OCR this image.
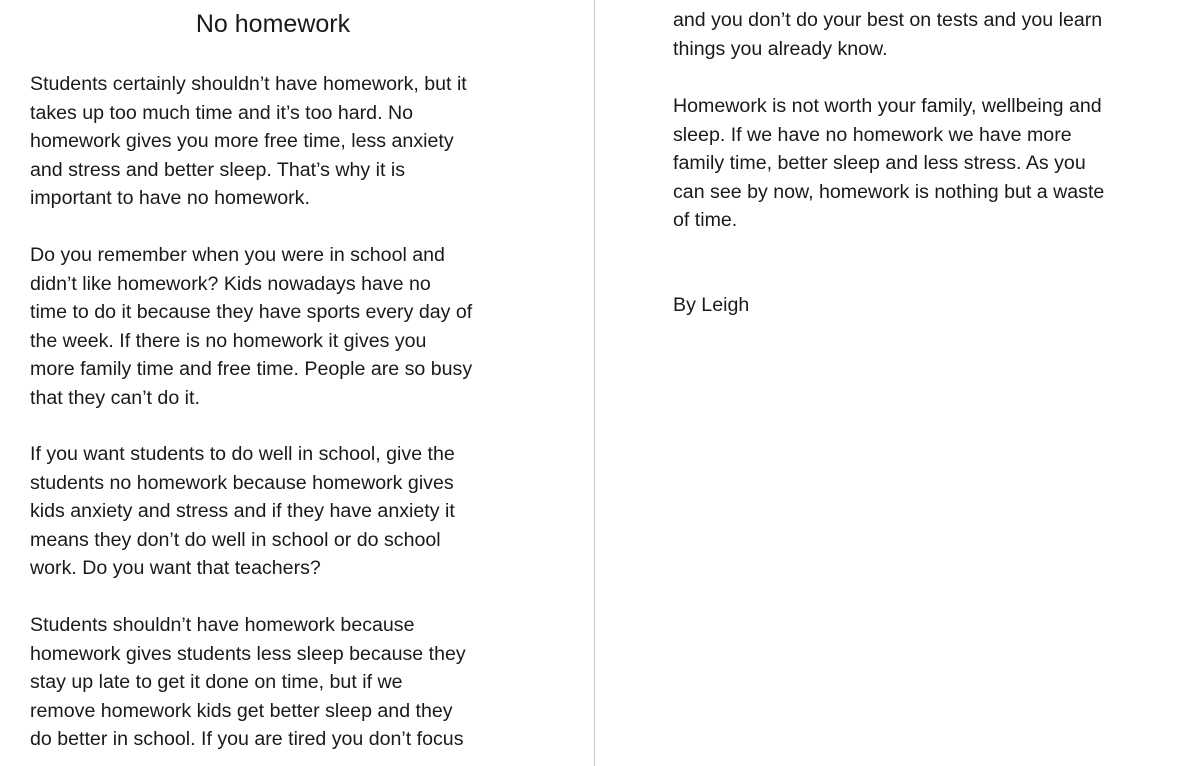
No homework

Students certainly shouldn’t have homework, but it
takes up too much time and it’s too hard. No
homework gives you more free time, less anxiety
and stress and better sleep. That’s why it is
important to have no homework.

Do you remember when you were in school and
didn’t like homework? Kids nowadays have no
time to do it because they have sports every day of
the week. If there is no homework it gives you
more family time and free time. People are so busy
that they can’t do it.

If you want students to do well in school, give the
students no homework because homework gives
kids anxiety and stress and if they have anxiety it
means they don’t do well in school or do school
work. Do you want that teachers?

Students shouldn’t have homework because
homework gives students less sleep because they
stay up late to get it done on time, but if we
remove homework kids get better sleep and they
do better in school. If you are tired you don’t focus

and you don’t do your best on tests and you learn
things you already know.

Homework is not worth your family, wellbeing and
sleep. If we have no homework we have more
family time, better sleep and less stress. As you
can see by now, homework is nothing but a waste
of time.

By Leigh
